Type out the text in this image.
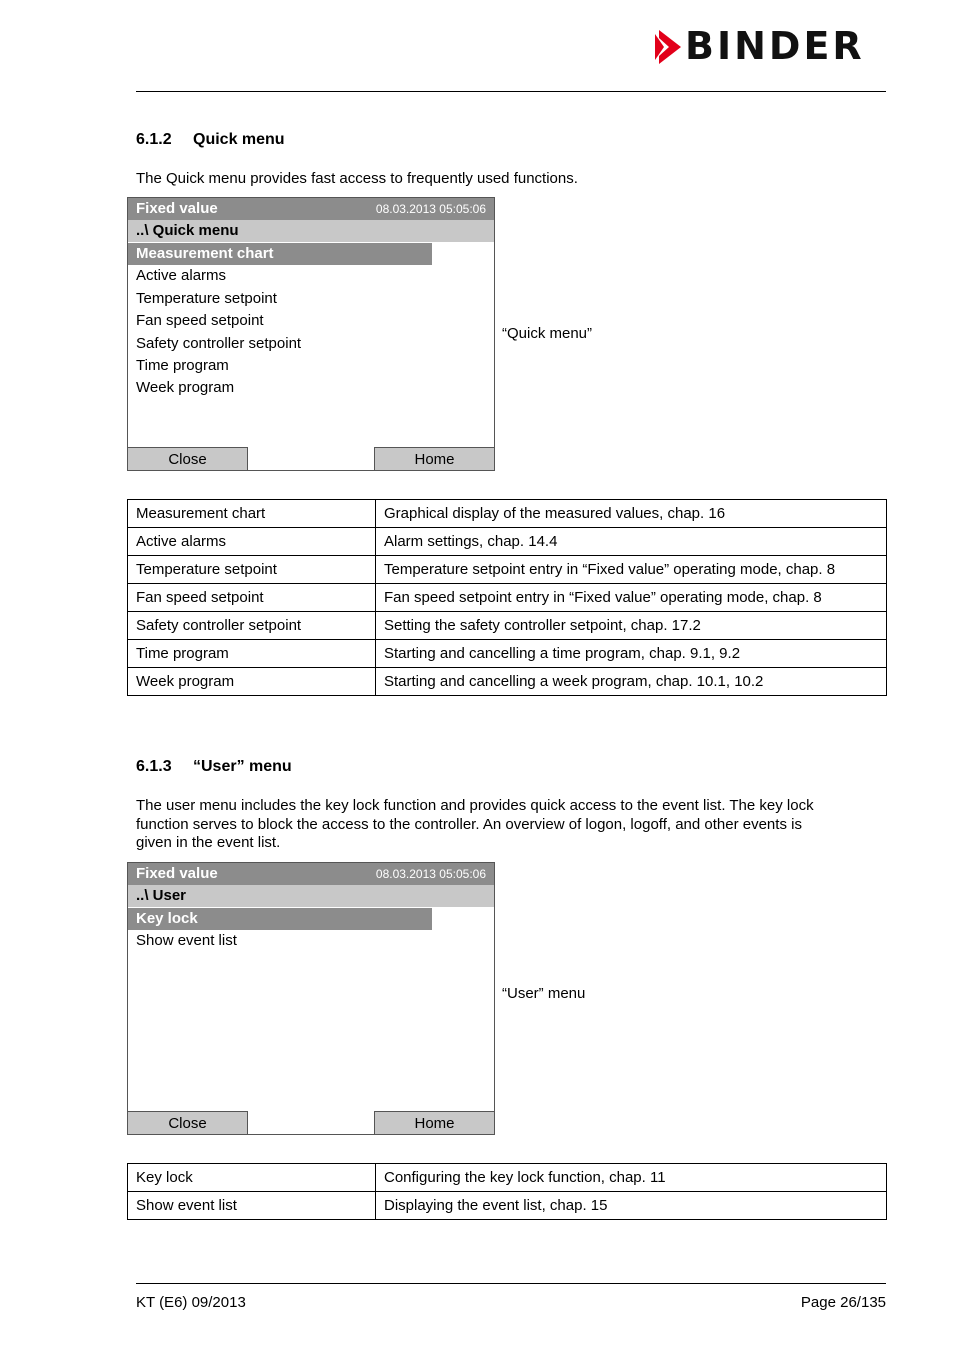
BINDER
6.1.2 Quick menu
The Quick menu provides fast access to frequently used functions.
Fixed value	08.03.2013 05:05:06
..\ Quick menu
Measurement chart
Active alarms
Temperature setpoint
Fan speed setpoint
Safety controller setpoint
Time program
Week program
Close	Home
“Quick menu”
Measurement chart	Graphical display of the measured values, chap. 16
Active alarms	Alarm settings, chap. 14.4
Temperature setpoint	Temperature setpoint entry in “Fixed value” operating mode, chap. 8
Fan speed setpoint	Fan speed setpoint entry in “Fixed value” operating mode, chap. 8
Safety controller setpoint	Setting the safety controller setpoint, chap. 17.2
Time program	Starting and cancelling a time program, chap. 9.1, 9.2
Week program	Starting and cancelling a week program, chap. 10.1, 10.2
6.1.3 “User” menu
The user menu includes the key lock function and provides quick access to the event list. The key lock
function serves to block the access to the controller. An overview of logon, logoff, and other events is
given in the event list.
Fixed value	08.03.2013 05:05:06
..\ User
Key lock
Show event list
Close	Home
“User” menu
Key lock	Configuring the key lock function, chap. 11
Show event list	Displaying the event list, chap. 15
KT (E6) 09/2013	Page 26/135
